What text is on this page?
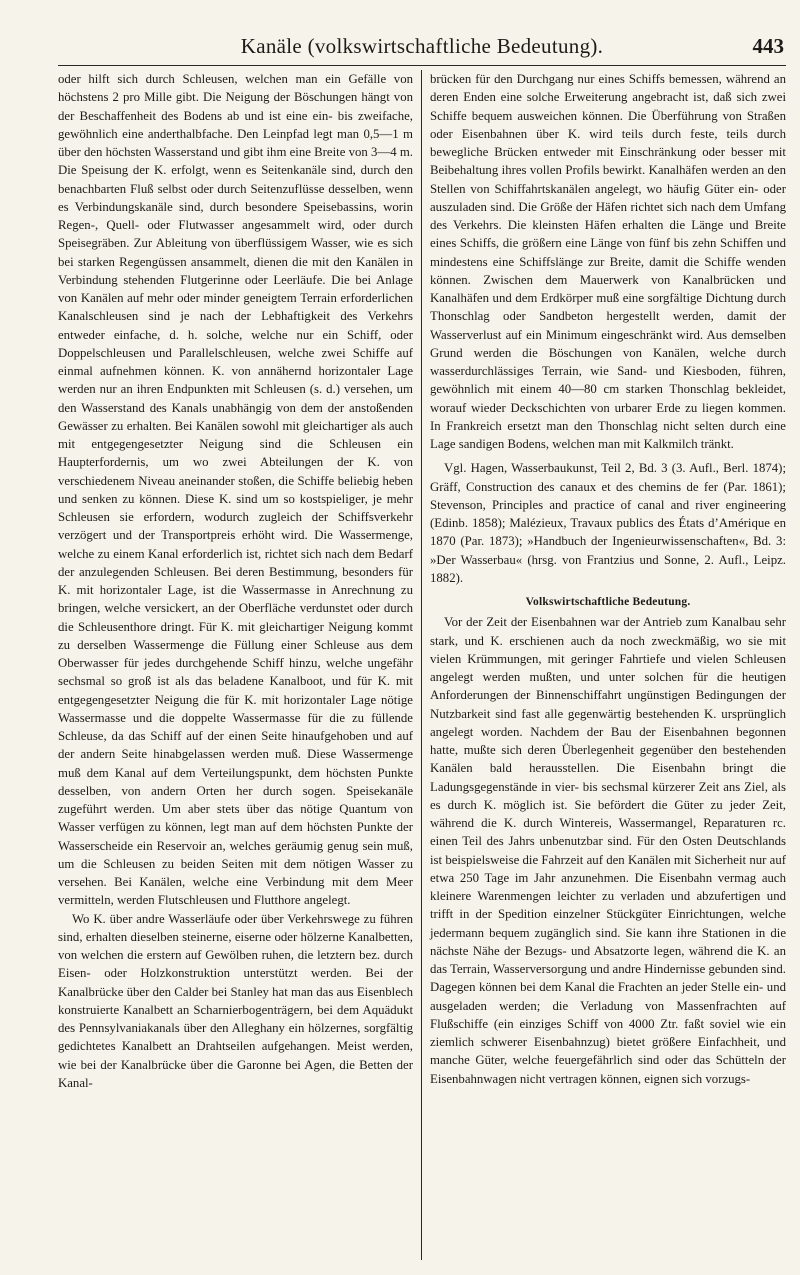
Kanäle (volkswirtschaftliche Bedeutung).	443

oder hilft sich durch Schleusen, welchen man ein Gefälle von höchstens 2 pro Mille gibt. Die Neigung der Böschungen hängt von der Beschaffenheit des Bodens ab und ist eine ein- bis zweifache, gewöhnlich eine anderthalbfache. Den Leinpfad legt man 0,5—1 m über den höchsten Wasserstand und gibt ihm eine Breite von 3—4 m. Die Speisung der K. erfolgt, wenn es Seitenkanäle sind, durch den benachbarten Fluß selbst oder durch Seitenzuflüsse desselben, wenn es Verbindungskanäle sind, durch besondere Speisebassins, worin Regen-, Quell- oder Flutwasser angesammelt wird, oder durch Speisegräben. Zur Ableitung von überflüssigem Wasser, wie es sich bei starken Regengüssen ansammelt, dienen die mit den Kanälen in Verbindung stehenden Flutgerinne oder Leerläufe. Die bei Anlage von Kanälen auf mehr oder minder geneigtem Terrain erforderlichen Kanalschleusen sind je nach der Lebhaftigkeit des Verkehrs entweder einfache, d. h. solche, welche nur ein Schiff, oder Doppelschleusen und Parallelschleusen, welche zwei Schiffe auf einmal aufnehmen können. K. von annähernd horizontaler Lage werden nur an ihren Endpunkten mit Schleusen (s. d.) versehen, um den Wasserstand des Kanals unabhängig von dem der anstoßenden Gewässer zu erhalten. Bei Kanälen sowohl mit gleichartiger als auch mit entgegengesetzter Neigung sind die Schleusen ein Haupterfordernis, um wo zwei Abteilungen der K. von verschiedenem Niveau aneinander stoßen, die Schiffe beliebig heben und senken zu können. Diese K. sind um so kostspieliger, je mehr Schleusen sie erfordern, wodurch zugleich der Schiffsverkehr verzögert und der Transportpreis erhöht wird. Die Wassermenge, welche zu einem Kanal erforderlich ist, richtet sich nach dem Bedarf der anzulegenden Schleusen. Bei deren Bestimmung, besonders für K. mit horizontaler Lage, ist die Wassermasse in Anrechnung zu bringen, welche versickert, an der Oberfläche verdunstet oder durch die Schleusenthore dringt. Für K. mit gleichartiger Neigung kommt zu derselben Wassermenge die Füllung einer Schleuse aus dem Oberwasser für jedes durchgehende Schiff hinzu, welche ungefähr sechsmal so groß ist als das beladene Kanalboot, und für K. mit entgegengesetzter Neigung die für K. mit horizontaler Lage nötige Wassermasse und die doppelte Wassermasse für die zu füllende Schleuse, da das Schiff auf der einen Seite hinaufgehoben und auf der andern Seite hinabgelassen werden muß. Diese Wassermenge muß dem Kanal auf dem Verteilungspunkt, dem höchsten Punkte desselben, von andern Orten her durch sogen. Speisekanäle zugeführt werden. Um aber stets über das nötige Quantum von Wasser verfügen zu können, legt man auf dem höchsten Punkte der Wasserscheide ein Reservoir an, welches geräumig genug sein muß, um die Schleusen zu beiden Seiten mit dem nötigen Wasser zu versehen. Bei Kanälen, welche eine Verbindung mit dem Meer vermitteln, werden Flutschleusen und Flutthore angelegt.

Wo K. über andre Wasserläufe oder über Verkehrswege zu führen sind, erhalten dieselben steinerne, eiserne oder hölzerne Kanalbetten, von welchen die erstern auf Gewölben ruhen, die letztern bez. durch Eisen- oder Holzkonstruktion unterstützt werden. Bei der Kanalbrücke über den Calder bei Stanley hat man das aus Eisenblech konstruierte Kanalbett an Scharnierbogenträgern, bei dem Aquädukt des Pennsylvaniakanals über den Alleghany ein hölzernes, sorgfältig gedichtetes Kanalbett an Drahtseilen aufgehangen. Meist werden, wie bei der Kanalbrücke über die Garonne bei Agen, die Betten der Kanal-

brücken für den Durchgang nur eines Schiffs bemessen, während an deren Enden eine solche Erweiterung angebracht ist, daß sich zwei Schiffe bequem ausweichen können. Die Überführung von Straßen oder Eisenbahnen über K. wird teils durch feste, teils durch bewegliche Brücken entweder mit Einschränkung oder besser mit Beibehaltung ihres vollen Profils bewirkt. Kanalhäfen werden an den Stellen von Schiffahrtskanälen angelegt, wo häufig Güter ein- oder auszuladen sind. Die Größe der Häfen richtet sich nach dem Umfang des Verkehrs. Die kleinsten Häfen erhalten die Länge und Breite eines Schiffs, die größern eine Länge von fünf bis zehn Schiffen und mindestens eine Schiffslänge zur Breite, damit die Schiffe wenden können. Zwischen dem Mauerwerk von Kanalbrücken und Kanalhäfen und dem Erdkörper muß eine sorgfältige Dichtung durch Thonschlag oder Sandbeton hergestellt werden, damit der Wasserverlust auf ein Minimum eingeschränkt wird. Aus demselben Grund werden die Böschungen von Kanälen, welche durch wasserdurchlässiges Terrain, wie Sand- und Kiesboden, führen, gewöhnlich mit einem 40—80 cm starken Thonschlag bekleidet, worauf wieder Deckschichten von urbarer Erde zu liegen kommen. In Frankreich ersetzt man den Thonschlag nicht selten durch eine Lage sandigen Bodens, welchen man mit Kalkmilch tränkt.

Vgl. Hagen, Wasserbaukunst, Teil 2, Bd. 3 (3. Aufl., Berl. 1874); Gräff, Construction des canaux et des chemins de fer (Par. 1861); Stevenson, Principles and practice of canal and river engineering (Edinb. 1858); Malézieux, Travaux publics des États d’Amérique en 1870 (Par. 1873); »Handbuch der Ingenieurwissenschaften«, Bd. 3: »Der Wasserbau« (hrsg. von Frantzius und Sonne, 2. Aufl., Leipz. 1882).

Volkswirtschaftliche Bedeutung.

Vor der Zeit der Eisenbahnen war der Antrieb zum Kanalbau sehr stark, und K. erschienen auch da noch zweckmäßig, wo sie mit vielen Krümmungen, mit geringer Fahrtiefe und vielen Schleusen angelegt werden mußten, und unter solchen für die heutigen Anforderungen der Binnenschiffahrt ungünstigen Bedingungen der Nutzbarkeit sind fast alle gegenwärtig bestehenden K. ursprünglich angelegt worden. Nachdem der Bau der Eisenbahnen begonnen hatte, mußte sich deren Überlegenheit gegenüber den bestehenden Kanälen bald herausstellen. Die Eisenbahn bringt die Ladungsgegenstände in vier- bis sechsmal kürzerer Zeit ans Ziel, als es durch K. möglich ist. Sie befördert die Güter zu jeder Zeit, während die K. durch Wintereis, Wassermangel, Reparaturen rc. einen Teil des Jahrs unbenutzbar sind. Für den Osten Deutschlands ist beispielsweise die Fahrzeit auf den Kanälen mit Sicherheit nur auf etwa 250 Tage im Jahr anzunehmen. Die Eisenbahn vermag auch kleinere Warenmengen leichter zu verladen und abzufertigen und trifft in der Spedition einzelner Stückgüter Einrichtungen, welche jedermann bequem zugänglich sind. Sie kann ihre Stationen in die nächste Nähe der Bezugs- und Absatzorte legen, während die K. an das Terrain, Wasserversorgung und andre Hindernisse gebunden sind. Dagegen können bei dem Kanal die Frachten an jeder Stelle ein- und ausgeladen werden; die Verladung von Massenfrachten auf Flußschiffe (ein einziges Schiff von 4000 Ztr. faßt soviel wie ein ziemlich schwerer Eisenbahnzug) bietet größere Einfachheit, und manche Güter, welche feuergefährlich sind oder das Schütteln der Eisenbahnwagen nicht vertragen können, eignen sich vorzugs-
